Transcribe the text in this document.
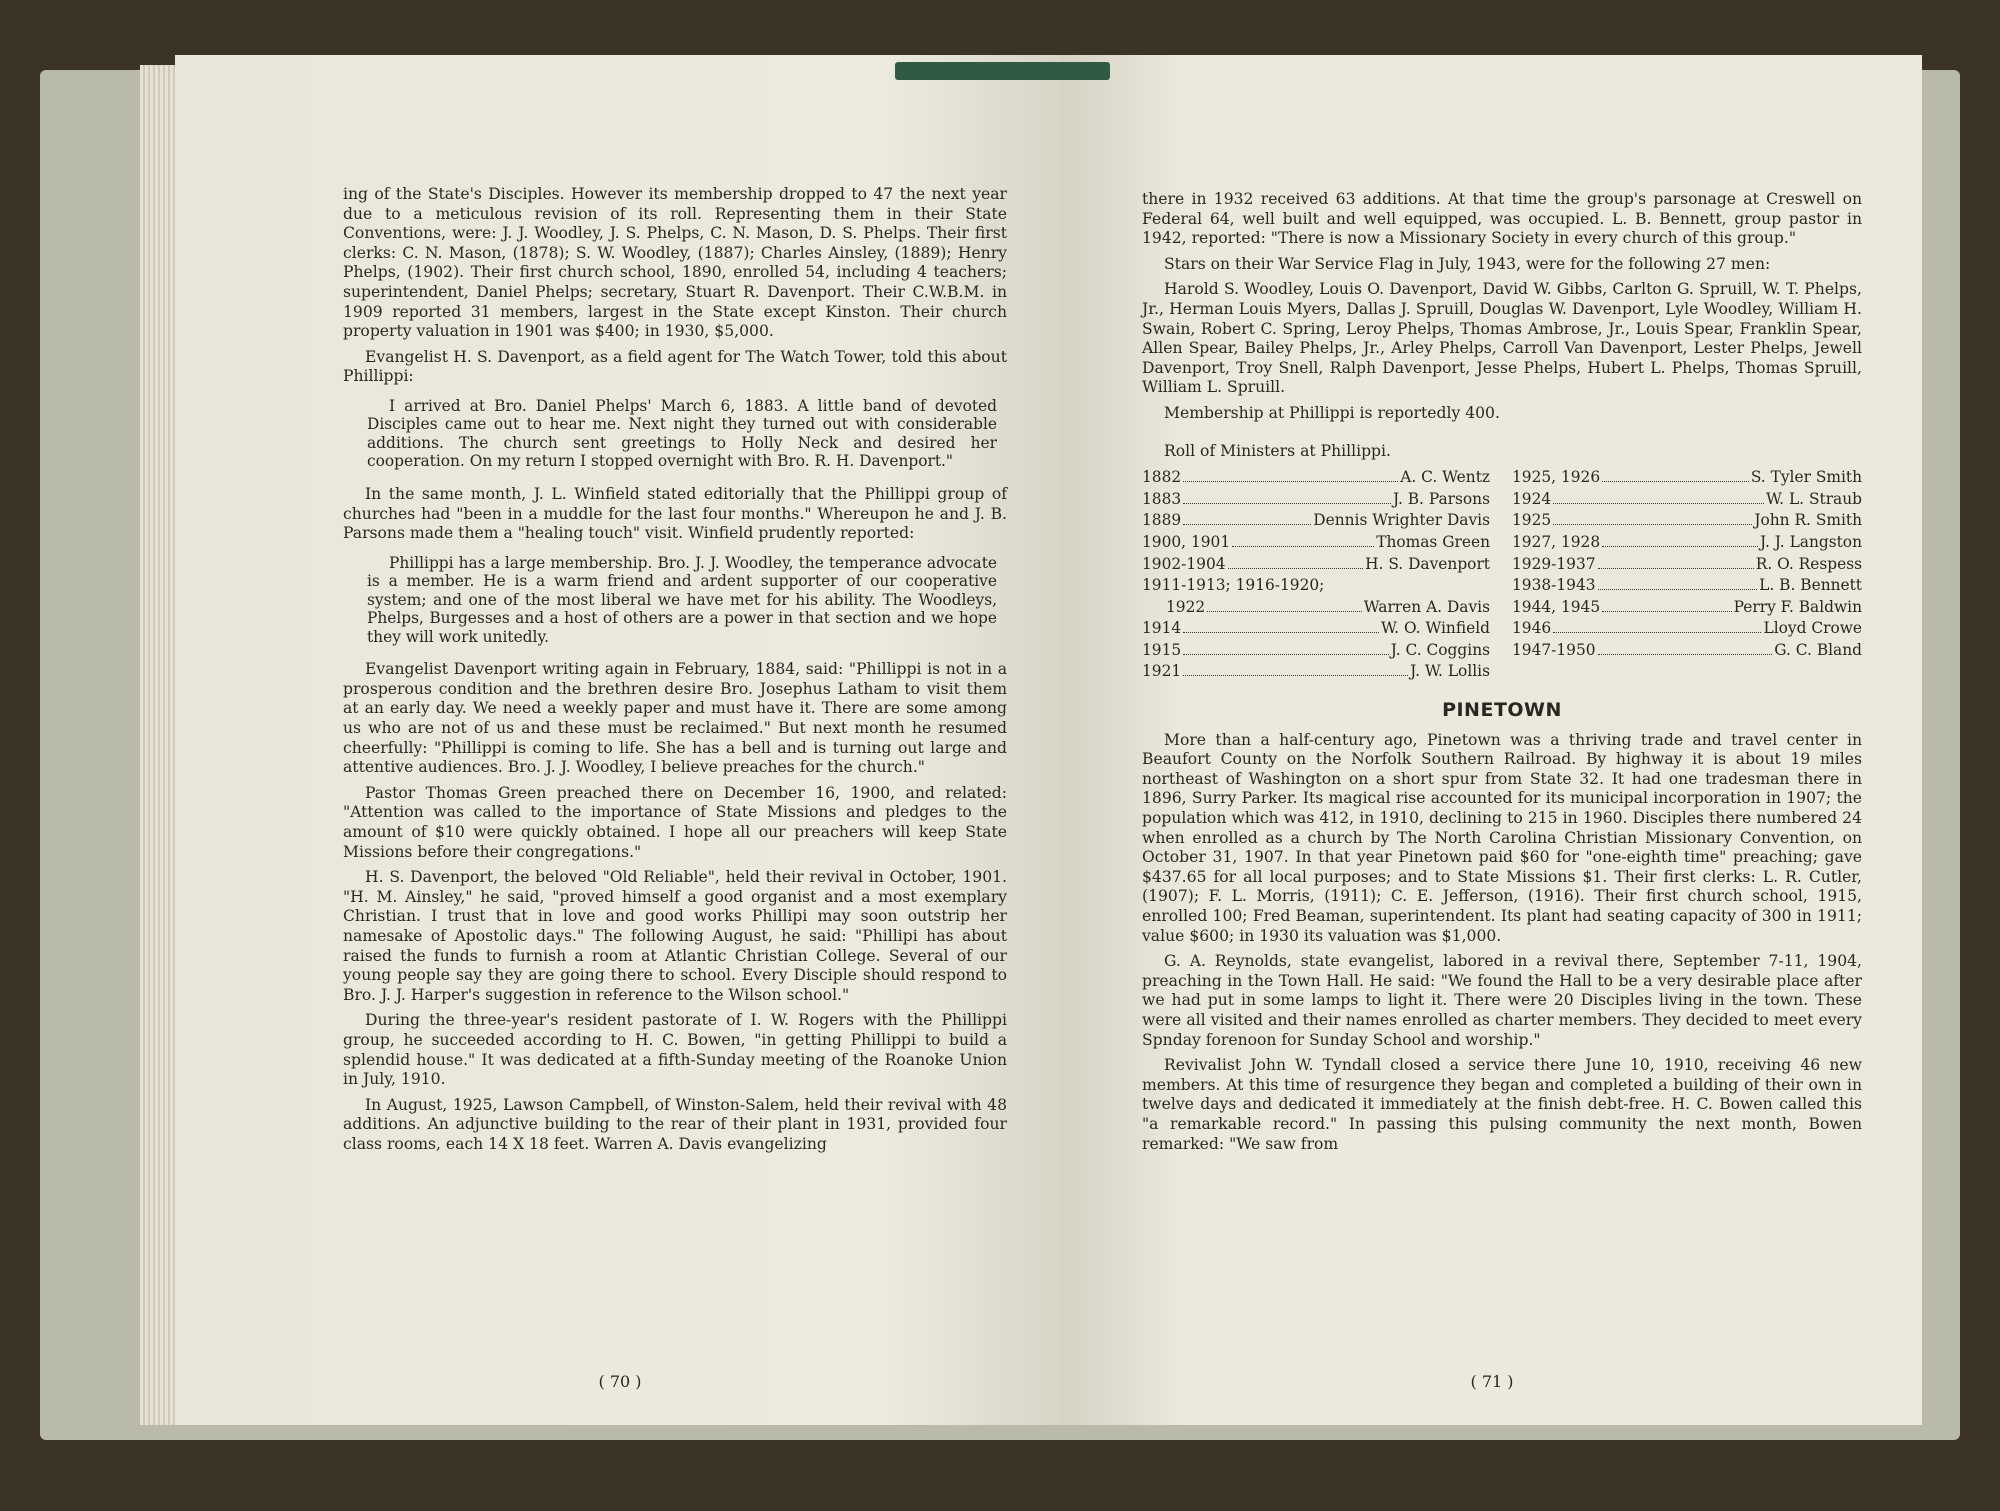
ing of the State's Disciples. However its membership dropped to 47 the next year due to a meticulous revision of its roll. Representing them in their State Conventions, were: J. J. Woodley, J. S. Phelps, C. N. Mason, D. S. Phelps. Their first clerks: C. N. Mason, (1878); S. W. Woodley, (1887); Charles Ainsley, (1889); Henry Phelps, (1902). Their first church school, 1890, enrolled 54, including 4 teachers; superintendent, Daniel Phelps; secretary, Stuart R. Davenport. Their C.W.B.M. in 1909 reported 31 members, largest in the State except Kinston. Their church property valuation in 1901 was $400; in 1930, $5,000.

Evangelist H. S. Davenport, as a field agent for The Watch Tower, told this about Phillippi:

I arrived at Bro. Daniel Phelps' March 6, 1883. A little band of devoted Disciples came out to hear me. Next night they turned out with considerable additions. The church sent greetings to Holly Neck and desired her cooperation. On my return I stopped overnight with Bro. R. H. Davenport."

In the same month, J. L. Winfield stated editorially that the Phillippi group of churches had "been in a muddle for the last four months." Whereupon he and J. B. Parsons made them a "healing touch" visit. Winfield prudently reported:

Phillippi has a large membership. Bro. J. J. Woodley, the temperance advocate is a member. He is a warm friend and ardent supporter of our cooperative system; and one of the most liberal we have met for his ability. The Woodleys, Phelps, Burgesses and a host of others are a power in that section and we hope they will work unitedly.

Evangelist Davenport writing again in February, 1884, said: "Phillippi is not in a prosperous condition and the brethren desire Bro. Josephus Latham to visit them at an early day. We need a weekly paper and must have it. There are some among us who are not of us and these must be reclaimed." But next month he resumed cheerfully: "Phillippi is coming to life. She has a bell and is turning out large and attentive audiences. Bro. J. J. Woodley, I believe preaches for the church."

Pastor Thomas Green preached there on December 16, 1900, and related: "Attention was called to the importance of State Missions and pledges to the amount of $10 were quickly obtained. I hope all our preachers will keep State Missions before their congregations."

H. S. Davenport, the beloved "Old Reliable", held their revival in October, 1901. "H. M. Ainsley," he said, "proved himself a good organist and a most exemplary Christian. I trust that in love and good works Phillipi may soon outstrip her namesake of Apostolic days." The following August, he said: "Phillipi has about raised the funds to furnish a room at Atlantic Christian College. Several of our young people say they are going there to school. Every Disciple should respond to Bro. J. J. Harper's suggestion in reference to the Wilson school."

During the three-year's resident pastorate of I. W. Rogers with the Phillippi group, he succeeded according to H. C. Bowen, "in getting Phillippi to build a splendid house." It was dedicated at a fifth-Sunday meeting of the Roanoke Union in July, 1910.

In August, 1925, Lawson Campbell, of Winston-Salem, held their revival with 48 additions. An adjunctive building to the rear of their plant in 1931, provided four class rooms, each 14 X 18 feet. Warren A. Davis evangelizing

( 70 )

there in 1932 received 63 additions. At that time the group's parsonage at Creswell on Federal 64, well built and well equipped, was occupied. L. B. Bennett, group pastor in 1942, reported: "There is now a Missionary Society in every church of this group."

Stars on their War Service Flag in July, 1943, were for the following 27 men:

Harold S. Woodley, Louis O. Davenport, David W. Gibbs, Carlton G. Spruill, W. T. Phelps, Jr., Herman Louis Myers, Dallas J. Spruill, Douglas W. Davenport, Lyle Woodley, William H. Swain, Robert C. Spring, Leroy Phelps, Thomas Ambrose, Jr., Louis Spear, Franklin Spear, Allen Spear, Bailey Phelps, Jr., Arley Phelps, Carroll Van Davenport, Lester Phelps, Jewell Davenport, Troy Snell, Ralph Davenport, Jesse Phelps, Hubert L. Phelps, Thomas Spruill, William L. Spruill.

Membership at Phillippi is reportedly 400.

Roll of Ministers at Phillippi.

1882 A. C. Wentz	1925, 1926 S. Tyler Smith

1883 J. B. Parsons	1924 W. L. Straub

1889 Dennis Wrighter Davis	1925 John R. Smith

1900, 1901 Thomas Green	1927, 1928 J. J. Langston

1902-1904 H. S. Davenport	1929-1937 R. O. Respess

1911-1913; 1916-1920;	1938-1943 L. B. Bennett

1922 Warren A. Davis	1944, 1945 Perry F. Baldwin

1914 W. O. Winfield	1946 Lloyd Crowe

1915 J. C. Coggins	1947-1950 G. C. Bland

1921 J. W. Lollis	

PINETOWN

More than a half-century ago, Pinetown was a thriving trade and travel center in Beaufort County on the Norfolk Southern Railroad. By highway it is about 19 miles northeast of Washington on a short spur from State 32. It had one tradesman there in 1896, Surry Parker. Its magical rise accounted for its municipal incorporation in 1907; the population which was 412, in 1910, declining to 215 in 1960. Disciples there numbered 24 when enrolled as a church by The North Carolina Christian Missionary Convention, on October 31, 1907. In that year Pinetown paid $60 for "one-eighth time" preaching; gave $437.65 for all local purposes; and to State Missions $1. Their first clerks: L. R. Cutler, (1907); F. L. Morris, (1911); C. E. Jefferson, (1916). Their first church school, 1915, enrolled 100; Fred Beaman, superintendent. Its plant had seating capacity of 300 in 1911; value $600; in 1930 its valuation was $1,000.

G. A. Reynolds, state evangelist, labored in a revival there, September 7-11, 1904, preaching in the Town Hall. He said: "We found the Hall to be a very desirable place after we had put in some lamps to light it. There were 20 Disciples living in the town. These were all visited and their names enrolled as charter members. They decided to meet every Spnday forenoon for Sunday School and worship."

Revivalist John W. Tyndall closed a service there June 10, 1910, receiving 46 new members. At this time of resurgence they began and completed a building of their own in twelve days and dedicated it immediately at the finish debt-free. H. C. Bowen called this "a remarkable record." In passing this pulsing community the next month, Bowen remarked: "We saw from

( 71 )
